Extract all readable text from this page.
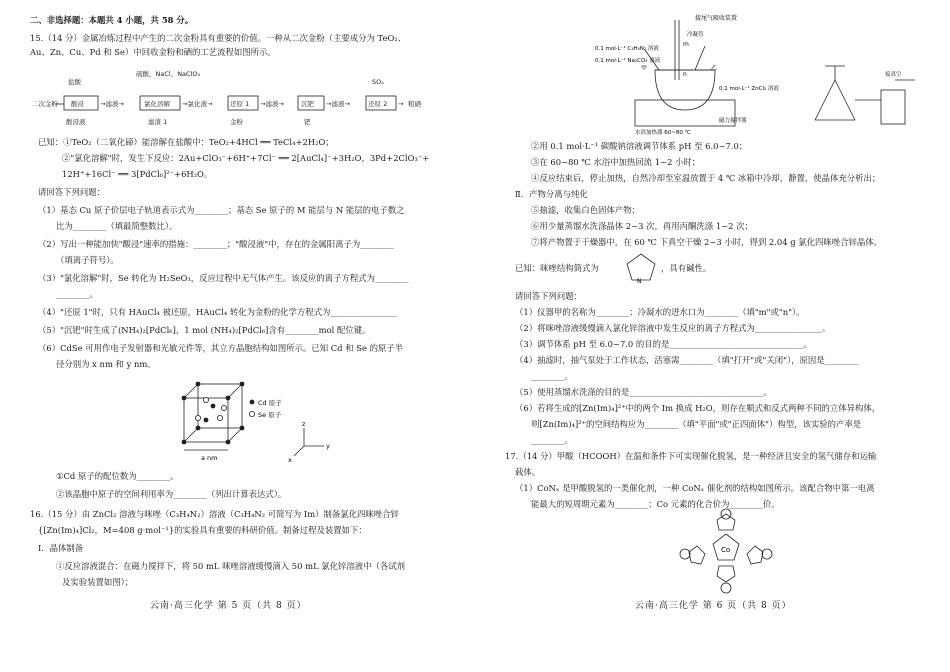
二、非选择题：本题共 4 小题，共 58 分。
15.（14 分）金属冶炼过程中产生的二次金粉具有重要的价值。一种从二次金粉（主要成分为 TeO₂、
Au、Zn、Cu、Pd 和 Se）中回收金粉和硒的工艺流程如图所示。
二次金粉 酸浸
盐酸
酸浸液
→滤液→	氯化溶解
硫酸，NaCl、NaClO₃
滤渣 1
→氯化液→	还原 1 →滤液→
金粉
沉钯 →滤液→
钯
还原 2
SO₂
→ 粗硒
已知：①TeO₂（二氧化碲）能溶解在盐酸中：TeO₂+4HCl ══ TeCl₄+2H₂O；
②"氯化溶解"时，发生下反应：2Au+ClO₃⁻+6H⁺+7Cl⁻ ══ 2[AuCl₄]⁻+3H₂O，3Pd+2ClO₃⁻+
12H⁺+16Cl⁻ ══ 3[PdCl₆]²⁻+6H₂O。
请回答下列问题：
（1）基态 Cu 原子价层电子轨道表示式为________；基态 Se 原子的 M 能层与 N 能层的电子数之
比为________（填最简整数比）。
（2）写出一种能加快"酸浸"速率的措施：________；"酸浸液"中，存在的金属阳离子为________
（填离子符号）。
（3）"氯化溶解"时，Se 转化为 H₂SeO₃，反应过程中无气体产生。该反应的离子方程式为________
________。
（4）"还原 1"时，只有 HAuCl₄ 被还原，HAuCl₄ 转化为金粉的化学方程式为________________
（5）"沉钯"时生成了(NH₄)₂[PdCl₆]，1 mol (NH₄)₂[PdCl₆]含有________mol 配位键。
（6）CdSe 可用作电子发射器和光敏元件等，其立方晶胞结构如图所示。已知 Cd 和 Se 的原子半
径分别为 x nm 和 y nm。
a nm
Cd 原子
Se 原子
z
y
x
①Cd 原子的配位数为________。
②该晶胞中原子的空间利用率为________（列出计算表达式）。
16.（15 分）由 ZnCl₂ 溶液与咪唑（C₃H₄N₂）溶液（C₃H₄N₂ 可简写为 Im）制备氯化四咪唑合锌
{[Zn(Im)₄]Cl₂，M=408 g·mol⁻¹}的实验具有重要的科研价值。制备过程及装置如下：
Ⅰ．晶体制备
①反应溶液混合：在磁力搅拌下，将 50 mL 咪唑溶液缓慢滴入 50 mL 氯化锌溶液中（各试剂
及实验装置如图）；
云南·高三化学 第 5 页（共 8 页）
接尾气吸收装置
0.1 mol·L⁻¹ C₃H₄N₂ 溶液
冷凝管
0.1 mol·L⁻¹ Na₂CO₃ 溶液
0.1 mol·L⁻¹ ZnCl₂ 溶液
磁力搅拌器
水浴加热器 60~80 ℃
接真空
甲	乙
m
n
②用 0.1 mol·L⁻¹ 碳酸钠溶液调节体系 pH 至 6.0~7.0；
③在 60~80 ℃ 水浴中加热回流 1~2 小时；
④反应结束后，停止加热，自然冷却至室温放置于 4 ℃ 冰箱中冷却，静置，使晶体充分析出；
Ⅱ．产物分离与纯化
⑤抽滤，收集白色固体产物；
⑥用少量蒸馏水洗涤晶体 2~3 次，再用丙酮洗涤 1~2 次；
⑦将产物置于干燥器中，在 60 ℃ 下真空干燥 2~3 小时，得到 2.04 g 氯化四咪唑合锌晶体。
已知：咪唑结构简式为
N
，具有碱性。
请回答下列问题：
（1）仪器甲的名称为________；冷凝水的进水口为________（填"m"或"n"）。
（2）将咪唑溶液缓慢滴入氯化锌溶液中发生反应的离子方程式为________________。
（3）调节体系 pH 至 6.0~7.0 的目的是________________________________。
（4）抽滤时，抽气泵处于工作状态，活塞需________（填"打开"或"关闭"），原因是________
________。
（5）使用蒸馏水洗涤的目的是________________________________。
（6）若将生成的[Zn(Im)₄]²⁺中的两个 Im 换成 H₂O，则存在顺式和反式两种不同的立体异构体，
则[Zn(Im)₄]²⁺的空间结构应为________（填"平面"或"正四面体"）构型，该实验的产率是
________。
17.（14 分）甲酸（HCOOH）在温和条件下可实现催化脱氢，是一种经济且安全的氢气储存和运输
载体。
（1）CoNₓ 是甲酸脱氢的一类催化剂，一种 CoNₓ 催化剂的结构如图所示。该配合物中第一电离
能最大的短周期元素为________；Co 元素的化合价为________价。
Co
云南·高三化学 第 6 页（共 8 页）
